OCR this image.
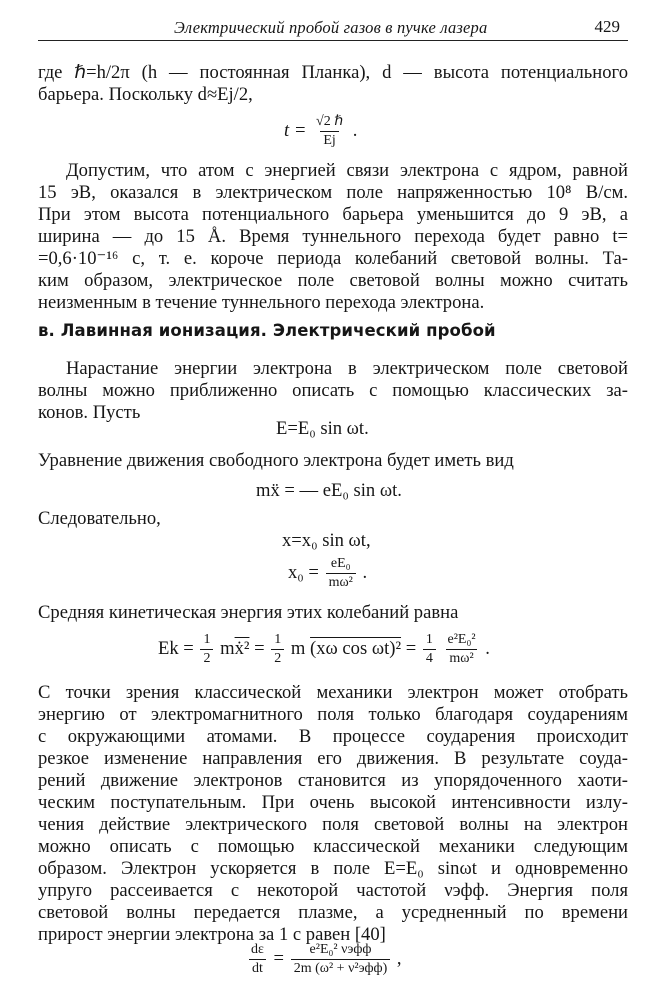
Электрический пробой газов в пучке лазера	429
где ℏ=h/2π (h — постоянная Планка), d — высота потенциального
барьера. Поскольку d≈Ej/2,
$t = \frac{\text{√2 ℏ}}{Ej}$ .
Допустим, что атом с энергией связи электрона с ядром, равной
15 эВ, оказался в электрическом поле напряженностью 10⁸ В/см.
При этом высота потенциального барьера уменьшится до 9 эВ, а
ширина — до 15 Å. Время туннельного перехода будет равно t=
=0,6·10⁻¹⁶ с, т. е. короче периода колебаний световой волны. Та-
ким образом, электрическое поле световой волны можно считать
неизменным в течение туннельного перехода электрона.
в. Лавинная ионизация. Электрический пробой
Нарастание энергии электрона в электрическом поле световой
волны можно приближенно описать с помощью классических за-
конов. Пусть
E=E₀ sin ωt.
Уравнение движения свободного электрона будет иметь вид
mẍ = — eE₀ sin ωt.
Следовательно,
x=x₀ sin ωt,
$x_0 = \frac{\text{eE₀}}{\text{mω²}}$ .
Средняя кинетическая энергия этих колебаний равна
$Ek = \frac{1}{2}$ mẋ² = $\frac{1}{2}$ m (xω $\cos \omega t)^2 = \frac{1}{4}$
$\frac{\text{e²E₀²}}{\text{mω²}}$ .
С точки зрения классической механики электрон может отобрать
энергию от электромагнитного поля только благодаря соударениям
с окружающими атомами. В процессе соударения происходит
резкое изменение направления его движения. В результате соуда-
рений движение электронов становится из упорядоченного хаоти-
ческим поступательным. При очень высокой интенсивности излу-
чения действие электрического поля световой волны на электрон
можно описать с помощью классической механики следующим
образом. Электрон ускоряется в поле E=E₀ sinωt и одновременно
упруго рассеивается с некоторой частотой νэфф. Энергия поля
световой волны передается плазме, а усредненный по времени
прирост энергии электрона за 1 с равен [40]
$\frac{d\varepsilon}{dt} = \frac{\text{e²E₀² νэфф}}{\text{2m (ω² + ν²эфф)}}$ ,
